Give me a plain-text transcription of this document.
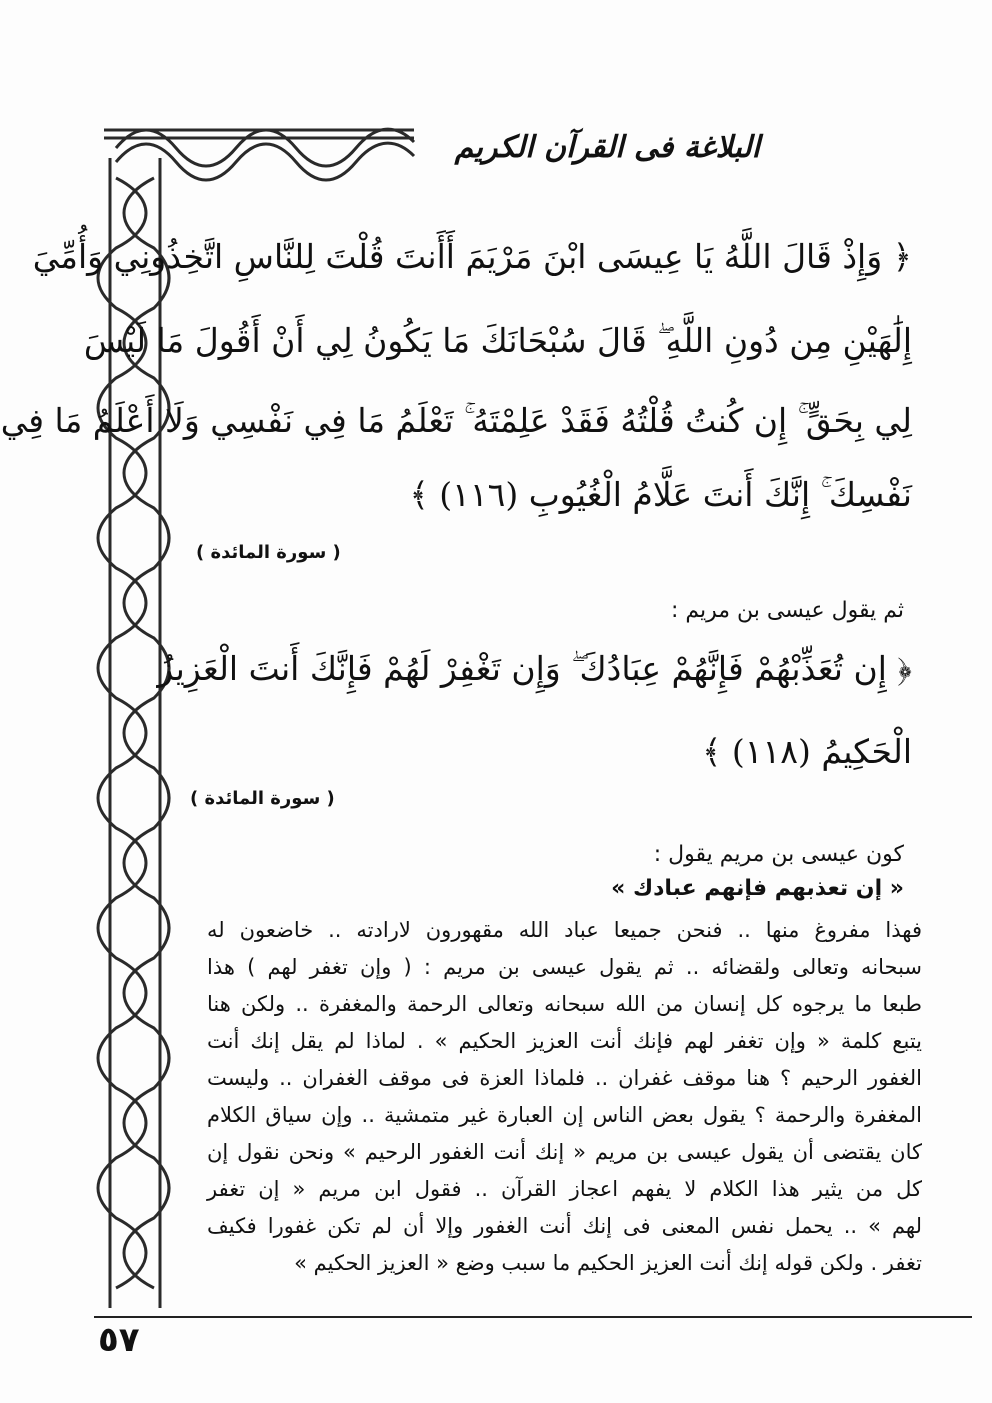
البلاغة فى القرآن الكريم
﴿ وَإِذْ قَالَ اللَّهُ يَا عِيسَى ابْنَ مَرْيَمَ أَأَنتَ قُلْتَ لِلنَّاسِ اتَّخِذُونِي وَأُمِّيَ
إِلَٰهَيْنِ مِن دُونِ اللَّهِ ۖ قَالَ سُبْحَانَكَ مَا يَكُونُ لِي أَنْ أَقُولَ مَا لَيْسَ
لِي بِحَقٍّ ۚ إِن كُنتُ قُلْتُهُ فَقَدْ عَلِمْتَهُ ۚ تَعْلَمُ مَا فِي نَفْسِي وَلَا أَعْلَمُ مَا فِي
نَفْسِكَ ۚ إِنَّكَ أَنتَ عَلَّامُ الْغُيُوبِ (١١٦) ﴾
( سورة المائدة )
ثم يقول عيسى بن مريم :
﴿ إِن تُعَذِّبْهُمْ فَإِنَّهُمْ عِبَادُكَ ۖ وَإِن تَغْفِرْ لَهُمْ فَإِنَّكَ أَنتَ الْعَزِيزُ
الْحَكِيمُ (١١٨) ﴾
( سورة المائدة )
كون عيسى بن مريم يقول :
« إن تعذبهم فإنهم عبادك »
فهذا مفروغ منها .. فنحن جميعا عباد الله مقهورون لارادته .. خاضعون له
سبحانه وتعالى ولقضائه .. ثم يقول عيسى بن مريم : ( وإن تغفر لهم ) هذا
طبعا ما يرجوه كل إنسان من الله سبحانه وتعالى الرحمة والمغفرة .. ولكن هنا
يتبع كلمة « وإن تغفر لهم فإنك أنت العزيز الحكيم » . لماذا لم يقل إنك أنت
الغفور الرحيم ؟ هنا موقف غفران .. فلماذا العزة فى موقف الغفران .. وليست
المغفرة والرحمة ؟ يقول بعض الناس إن العبارة غير متمشية .. وإن سياق الكلام
كان يقتضى أن يقول عيسى بن مريم « إنك أنت الغفور الرحيم » ونحن نقول إن
كل من يثير هذا الكلام لا يفهم اعجاز القرآن .. فقول ابن مريم « إن تغفر
لهم » .. يحمل نفس المعنى فى إنك أنت الغفور وإلا أن لم تكن غفورا فكيف
تغفر . ولكن قوله إنك أنت العزيز الحكيم ما سبب وضع « العزيز الحكيم »
٥٧
